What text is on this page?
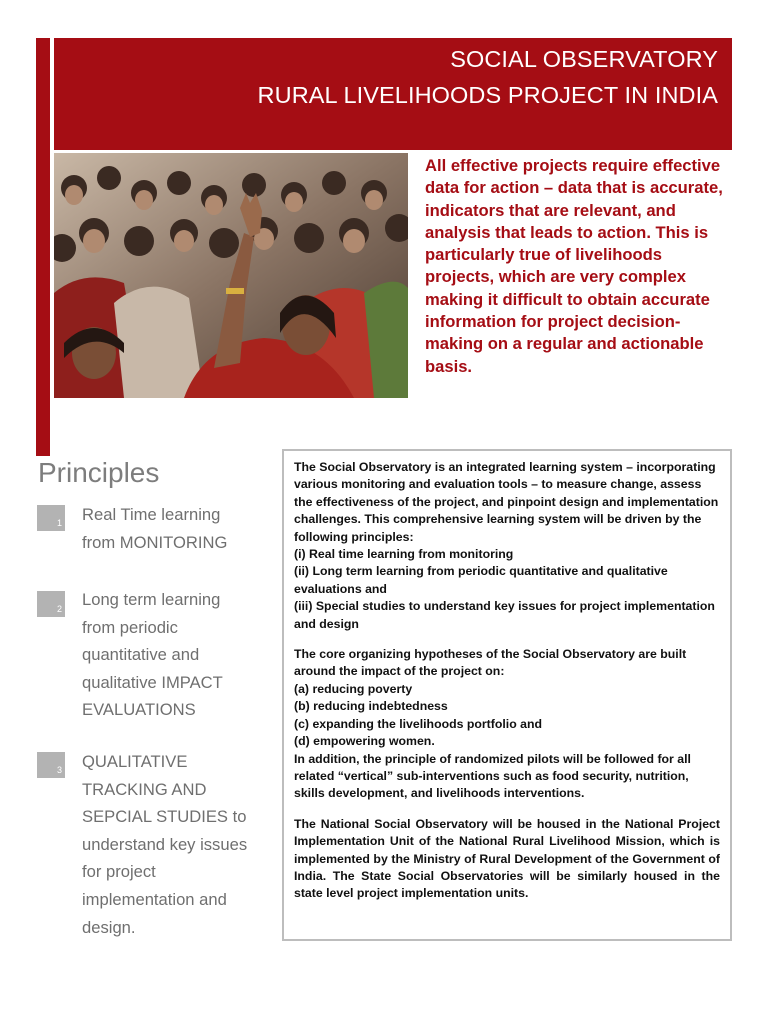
SOCIAL OBSERVATORY
RURAL LIVELIHOODS PROJECT IN INDIA
All effective projects require effective data for action – data that is accurate, indicators that are relevant, and analysis that leads to action. This is particularly true of livelihoods projects, which are very complex making it difficult to obtain accurate information for project decision-making on a regular and actionable basis.
Principles
1 Real Time learning from MONITORING
2 Long term learning from periodic quantitative and qualitative IMPACT EVALUATIONS
3 QUALITATIVE TRACKING AND SEPCIAL STUDIES to understand key issues for project implementation and design.

The Social Observatory is an integrated learning system – incorporating various monitoring and evaluation tools – to measure change, assess the effectiveness of the project, and pinpoint design and implementation challenges. This comprehensive learning system will be driven by the following principles:
(i) Real time learning from monitoring
(ii) Long term learning from periodic quantitative and qualitative evaluations and
(iii) Special studies to understand key issues for project implementation and design

The core organizing hypotheses of the Social Observatory are built around the impact of the project on:
(a) reducing poverty
(b) reducing indebtedness
(c) expanding the livelihoods portfolio and
(d) empowering women.
In addition, the principle of randomized pilots will be followed for all related “vertical” sub-interventions such as food security, nutrition, skills development, and livelihoods interventions.

The National Social Observatory will be housed in the National Project Implementation Unit of the National Rural Livelihood Mission, which is implemented by the Ministry of Rural Development of the Government of India. The State Social Observatories will be similarly housed in the state level project implementation units.
